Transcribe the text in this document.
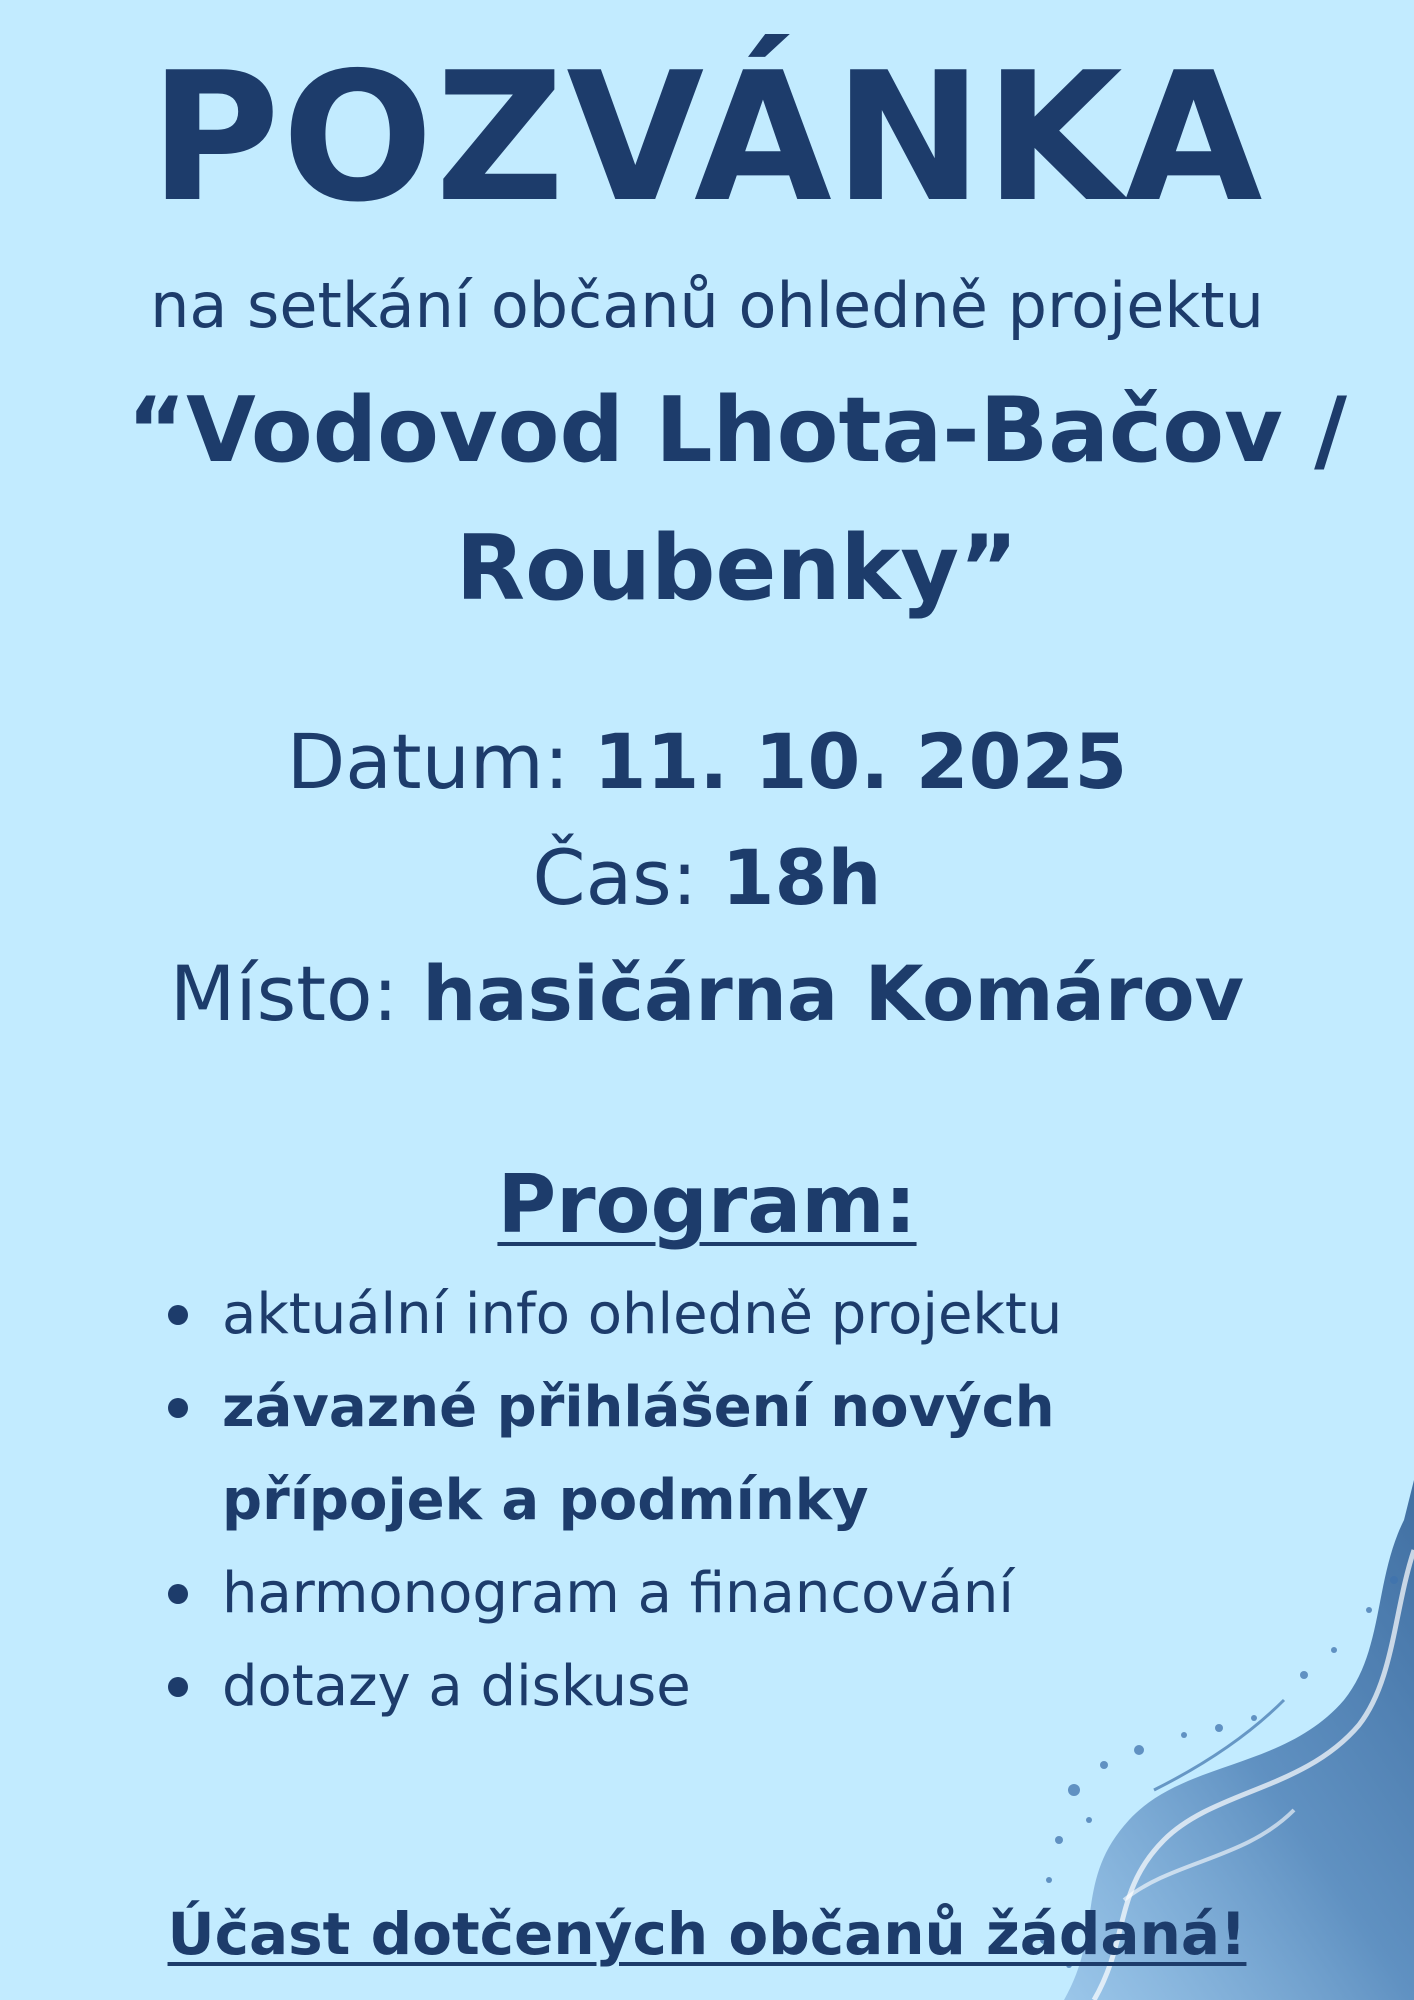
POZVÁNKA

na setkání občanů ohledně projektu

“Vodovod Lhota-Bačov /
Roubenky”
Datum: 11. 10. 2025
Čas: 18h
Místo: hasičárna Komárov
Program:
aktuální info ohledně projektu
závazné přihlášení nových přípojek a podmínky
harmonogram a financování
dotazy a diskuse

Účast dotčených občanů žádaná!
